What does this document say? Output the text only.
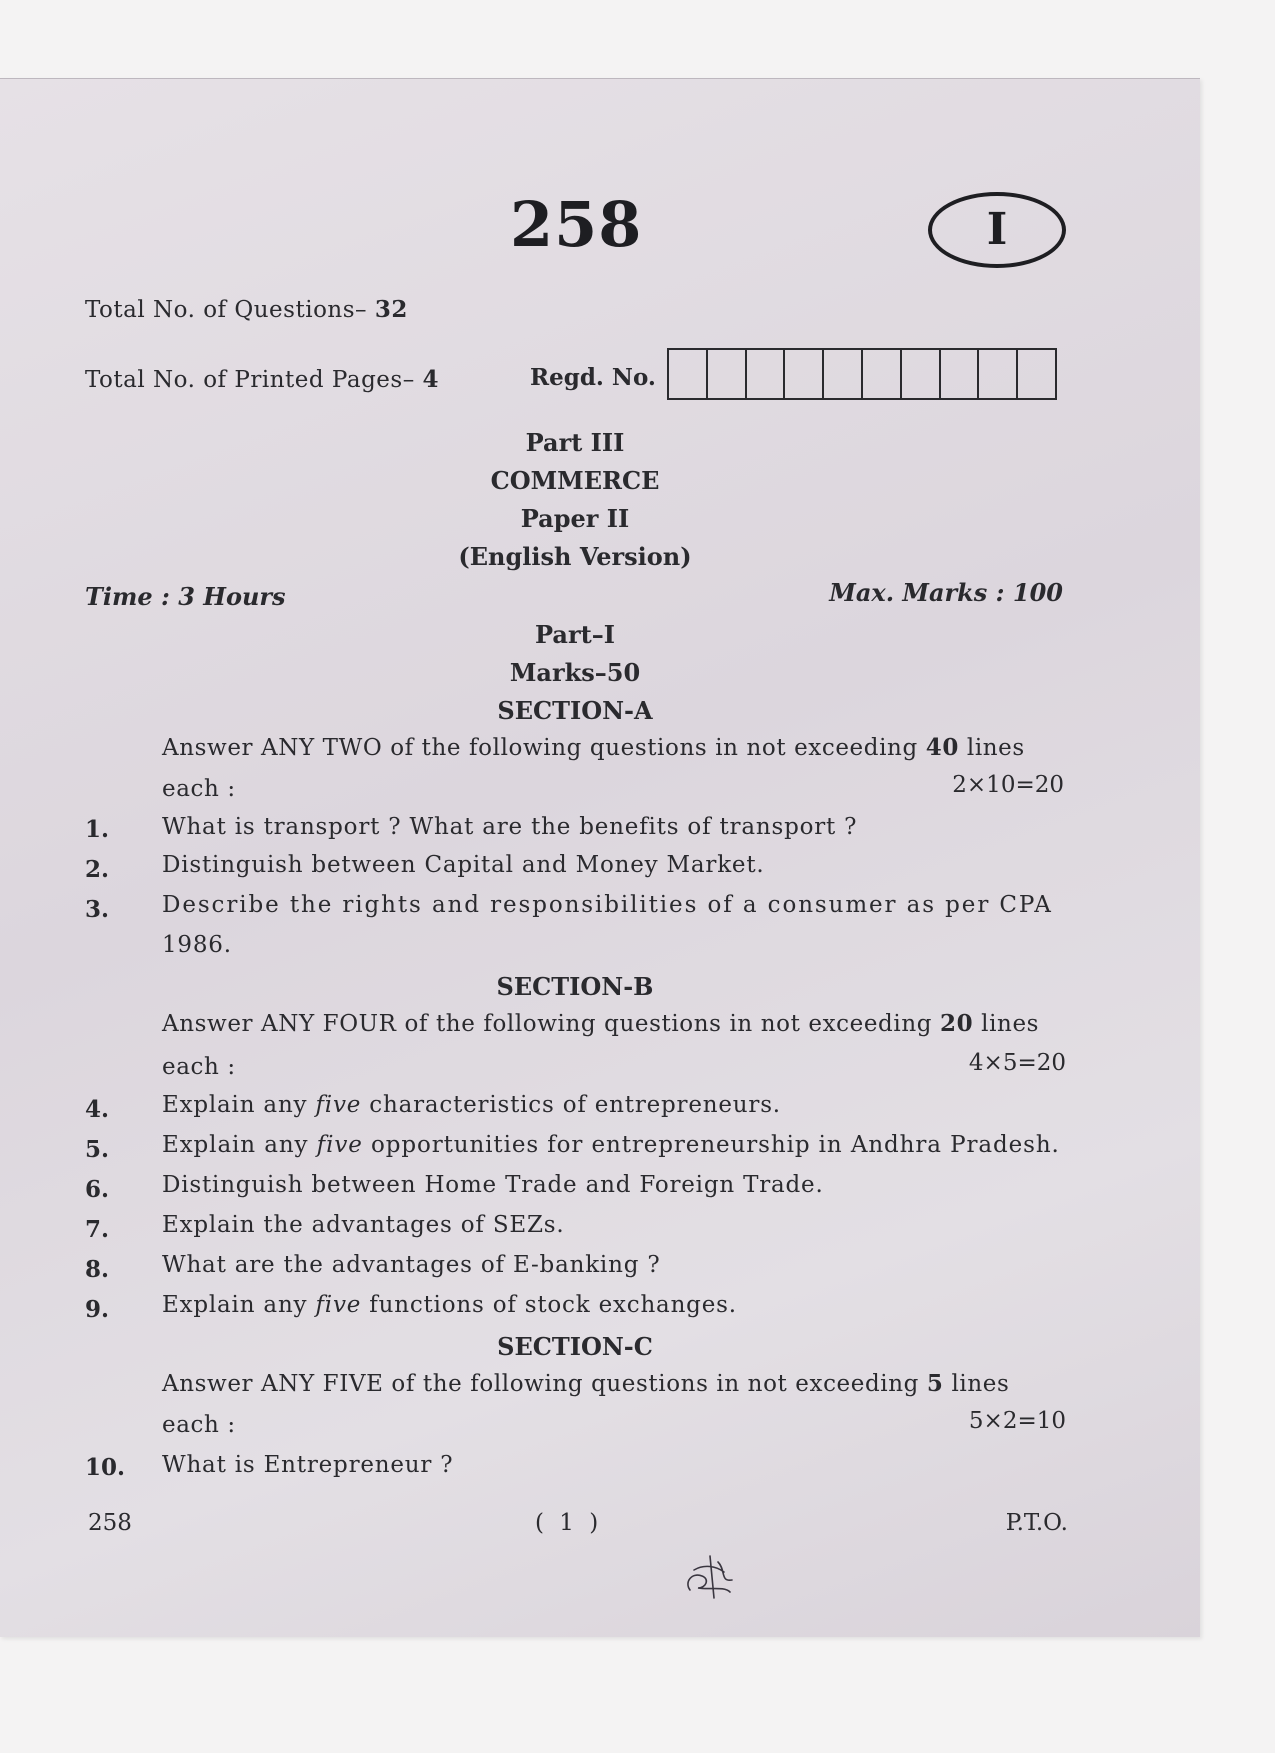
258	I
Total No. of Questions– 32
Total No. of Printed Pages– 4	Regd. No.
Part III
COMMERCE
Paper II
(English Version)
Time : 3 Hours	Max. Marks : 100
Part–I
Marks–50
SECTION-A
Answer ANY TWO of the following questions in not exceeding 40 lines
each :	2×10=20
1. What is transport ? What are the benefits of transport ?
2. Distinguish between Capital and Money Market.
3. Describe the rights and responsibilities of a consumer as per CPA
1986.
SECTION-B
Answer ANY FOUR of the following questions in not exceeding 20 lines
each :	4×5=20
4. Explain any five characteristics of entrepreneurs.
5. Explain any five opportunities for entrepreneurship in Andhra Pradesh.
6. Distinguish between Home Trade and Foreign Trade.
7. Explain the advantages of SEZs.
8. What are the advantages of E-banking ?
9. Explain any five functions of stock exchanges.
SECTION-C
Answer ANY FIVE of the following questions in not exceeding 5 lines
each :	5×2=10
10. What is Entrepreneur ?
258	( 1 )	P.T.O.
